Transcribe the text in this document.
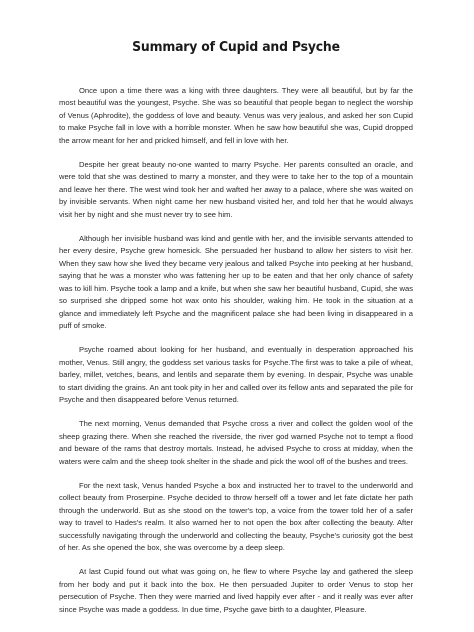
Summary of Cupid and Psyche

Once upon a time there was a king with three daughters. They were all beautiful, but by far the most beautiful was the youngest, Psyche. She was so beautiful that people began to neglect the worship of Venus (Aphrodite), the goddess of love and beauty. Venus was very jealous, and asked her son Cupid to make Psyche fall in love with a horrible monster. When he saw how beautiful she was, Cupid dropped the arrow meant for her and pricked himself, and fell in love with her.

Despite her great beauty no-one wanted to marry Psyche. Her parents consulted an oracle, and were told that she was destined to marry a monster, and they were to take her to the top of a mountain and leave her there. The west wind took her and wafted her away to a palace, where she was waited on by invisible servants. When night came her new husband visited her, and told her that he would always visit her by night and she must never try to see him.

Although her invisible husband was kind and gentle with her, and the invisible servants attended to her every desire, Psyche grew homesick. She persuaded her husband to allow her sisters to visit her. When they saw how she lived they became very jealous and talked Psyche into peeking at her husband, saying that he was a monster who was fattening her up to be eaten and that her only chance of safety was to kill him. Psyche took a lamp and a knife, but when she saw her beautiful husband, Cupid, she was so surprised she dripped some hot wax onto his shoulder, waking him. He took in the situation at a glance and immediately left Psyche and the magnificent palace she had been living in disappeared in a puff of smoke.

Psyche roamed about looking for her husband, and eventually in desperation approached his mother, Venus. Still angry, the goddess set various tasks for Psyche.The first was to take a pile of wheat, barley, millet, vetches, beans, and lentils and separate them by evening. In despair, Psyche was unable to start dividing the grains. An ant took pity in her and called over its fellow ants and separated the pile for Psyche and then disappeared before Venus returned.

The next morning, Venus demanded that Psyche cross a river and collect the golden wool of the sheep grazing there. When she reached the riverside, the river god warned Psyche not to tempt a flood and beware of the rams that destroy mortals. Instead, he advised Psyche to cross at midday, when the waters were calm and the sheep took shelter in the shade and pick the wool off of the bushes and trees.

For the next task, Venus handed Psyche a box and instructed her to travel to the underworld and collect beauty from Proserpine. Psyche decided to throw herself off a tower and let fate dictate her path through the underworld. But as she stood on the tower's top, a voice from the tower told her of a safer way to travel to Hades's realm. It also warned her to not open the box after collecting the beauty. After successfully navigating through the underworld and collecting the beauty, Psyche's curiosity got the best of her. As she opened the box, she was overcome by a deep sleep.

At last Cupid found out what was going on, he flew to where Psyche lay and gathered the sleep from her body and put it back into the box. He then persuaded Jupiter to order Venus to stop her persecution of Psyche. Then they were married and lived happily ever after - and it really was ever after since Psyche was made a goddess. In due time, Psyche gave birth to a daughter, Pleasure.
